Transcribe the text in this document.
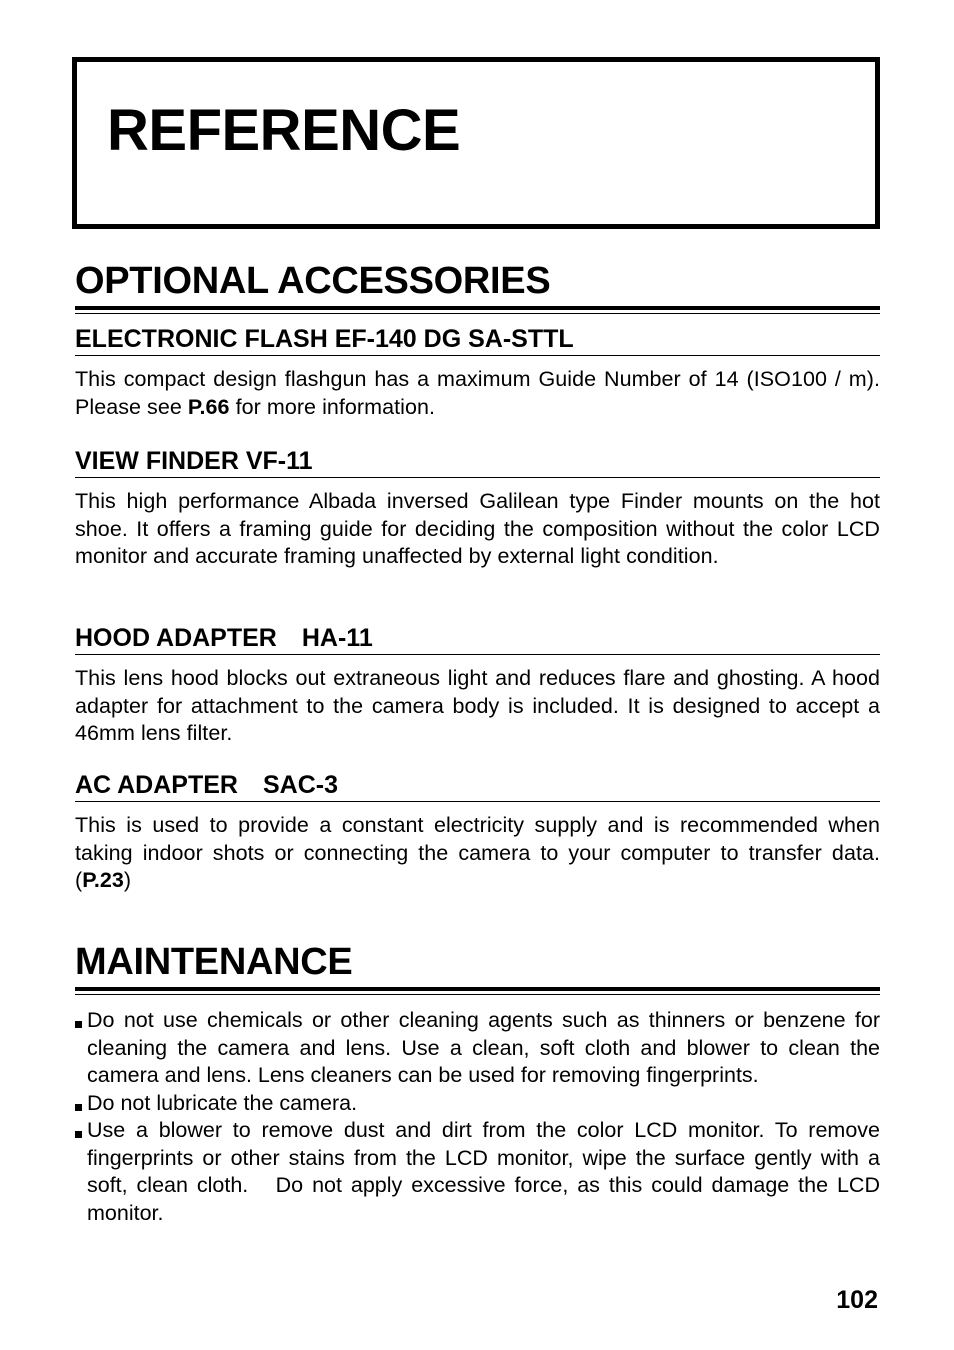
REFERENCE
OPTIONAL ACCESSORIES
ELECTRONIC FLASH EF-140 DG SA-STTL

This compact design flashgun has a maximum Guide Number of 14 (ISO100 / m). Please see P.66 for more information.

VIEW FINDER VF-11

This high performance Albada inversed Galilean type Finder mounts on the hot shoe. It offers a framing guide for deciding the composition without the color LCD monitor and accurate framing unaffected by external light condition.

HOOD ADAPTER　HA-11

This lens hood blocks out extraneous light and reduces flare and ghosting. A hood adapter for attachment to the camera body is included. It is designed to accept a 46mm lens filter.

AC ADAPTER　SAC-3

This is used to provide a constant electricity supply and is recommended when taking indoor shots or connecting the camera to your computer to transfer data. (P.23)

MAINTENANCE
Do not use chemicals or other cleaning agents such as thinners or benzene for cleaning the camera and lens. Use a clean, soft cloth and blower to clean the camera and lens. Lens cleaners can be used for removing fingerprints.
Do not lubricate the camera.
Use a blower to remove dust and dirt from the color LCD monitor. To remove fingerprints or other stains from the LCD monitor, wipe the surface gently with a soft, clean cloth.　Do not apply excessive force, as this could damage the LCD monitor.
102
